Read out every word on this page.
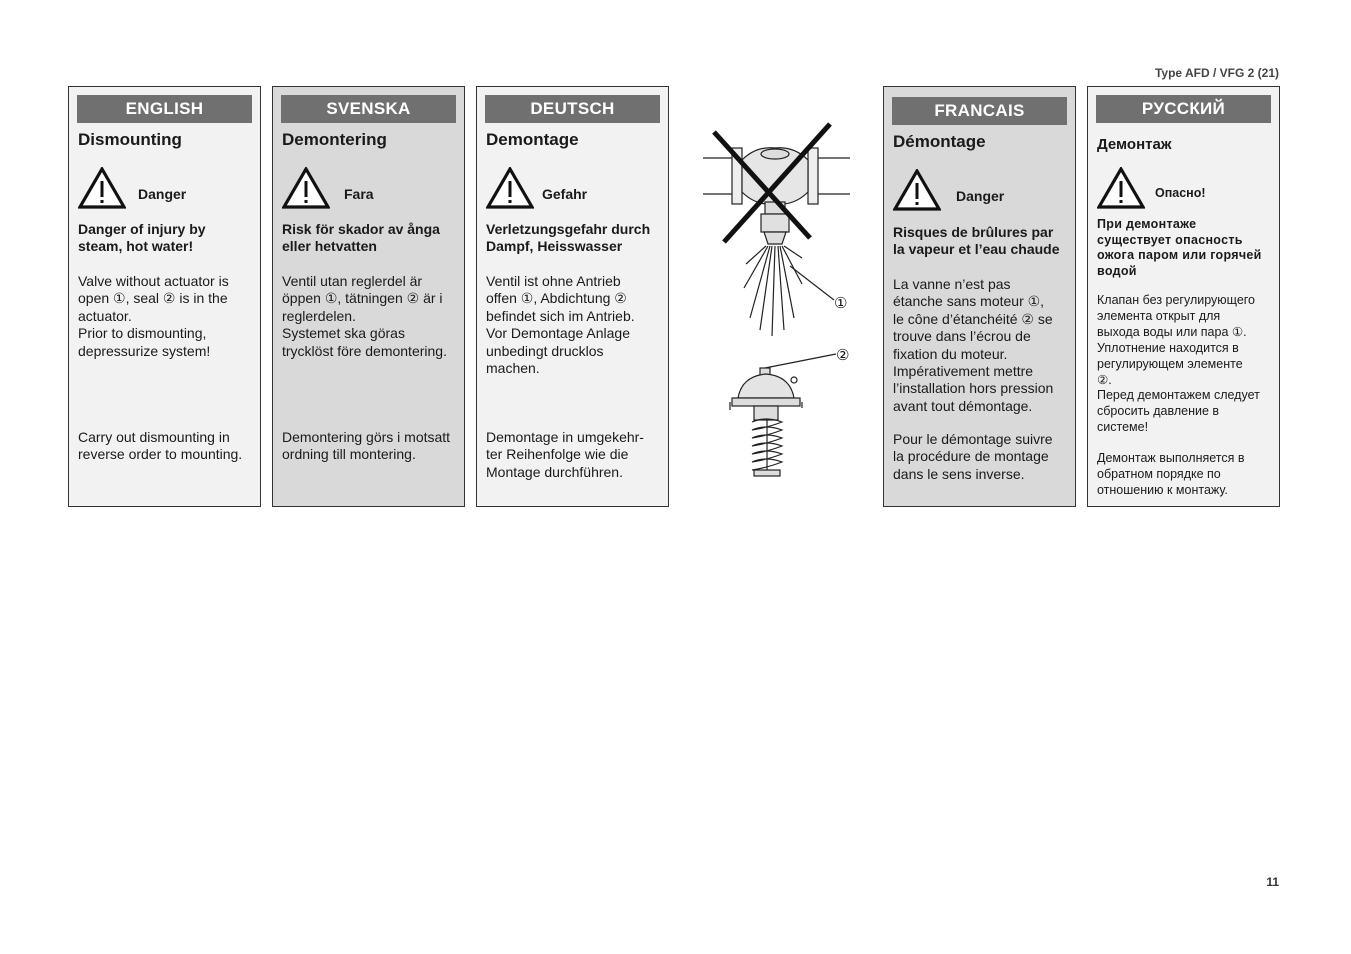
Type AFD / VFG 2 (21)
ENGLISH
Dismounting
Danger
Danger of injury by
steam, hot water!
Valve without actuator is
open ①, seal ② is in the
actuator.
Prior to dismounting,
depressurize system!
Carry out dismounting in
reverse order to mounting.
SVENSKA
Demontering
Fara
Risk för skador av ånga
eller hetvatten
Ventil utan reglerdel är
öppen ①, tätningen ② är i
reglerdelen.
Systemet ska göras
trycklöst före demontering.
Demontering görs i motsatt
ordning till montering.
DEUTSCH
Demontage
Gefahr
Verletzungsgefahr durch
Dampf, Heisswasser
Ventil ist ohne Antrieb
offen ①, Abdichtung ②
befindet sich im Antrieb.
Vor Demontage Anlage
unbedingt drucklos
machen.
Demontage in umgekehr-
ter Reihenfolge wie die
Montage durchführen.
①
②
FRANCAIS
Démontage
Danger
Risques de brûlures par
la vapeur et l’eau chaude
La vanne n’est pas
étanche sans moteur ①,
le cône d’étanchéité ② se
trouve dans l’écrou de
fixation du moteur.
Impérativement mettre
l’installation hors pression
avant tout démontage.
Pour le démontage suivre
la procédure de montage
dans le sens inverse.
РУССКИЙ
Демонтаж
Опасно!
При демонтаже
существует опасность
ожога паром или горячей
водой
Клапан без регулирующего
элемента открыт для
выхода воды или пара ①.
Уплотнение находится в
регулирующем элементе
②.
Перед демонтажем следует
сбросить давление в
системе!
Демонтаж выполняется в
обратном порядке по
отношению к монтажу.
11
